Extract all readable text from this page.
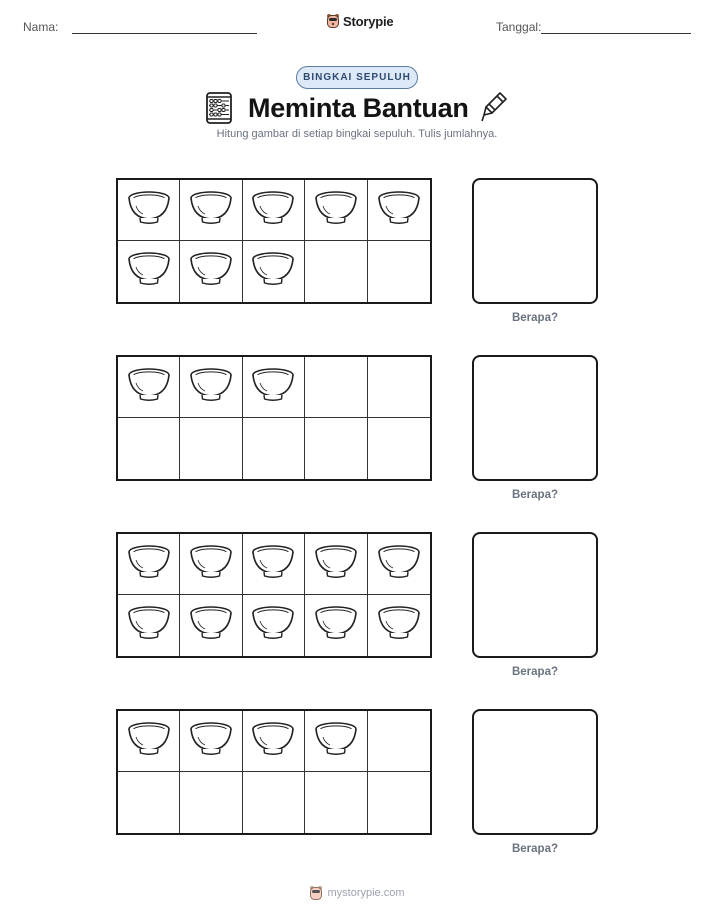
Nama:	Storypie	Tanggal:
BINGKAI SEPULUH
Meminta Bantuan
Hitung gambar di setiap bingkai sepuluh. Tulis jumlahnya.
Berapa?
Berapa?
Berapa?
Berapa?
mystorypie.com
